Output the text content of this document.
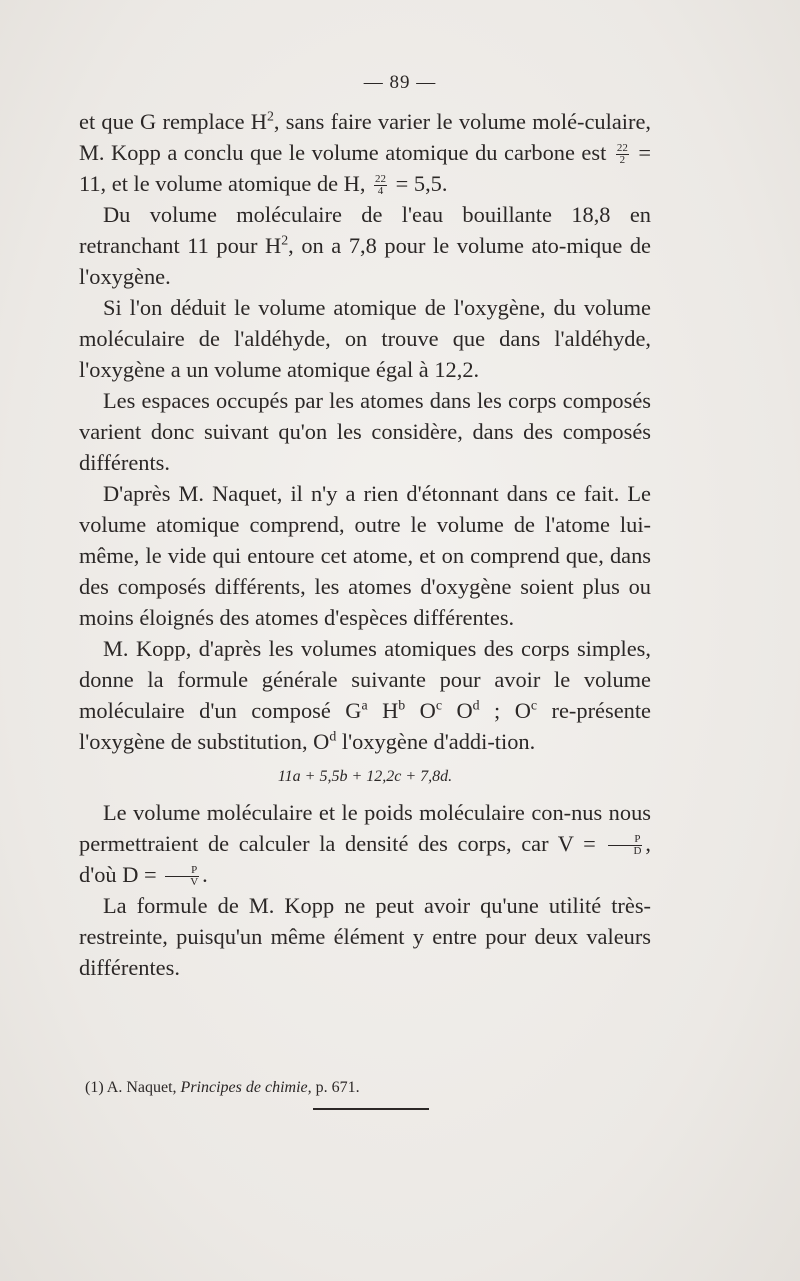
— 89 —

et que G remplace $H^2$, sans faire varier le volume molé-culaire, M. Kopp a conclu que le volume atomique du carbone est $\frac{22}{2} = 11$, et le volume atomique de H, $\frac{22}{4} = 5,5$.

Du volume moléculaire de l'eau bouillante 18,8 en retranchant 11 pour $H^2$, on a 7,8 pour le volume ato-mique de l'oxygène.

Si l'on déduit le volume atomique de l'oxygène, du volume moléculaire de l'aldéhyde, on trouve que dans l'aldéhyde, l'oxygène a un volume atomique égal à 12,2.

Les espaces occupés par les atomes dans les corps composés varient donc suivant qu'on les considère, dans des composés différents.

D'après M. Naquet, il n'y a rien d'étonnant dans ce fait. Le volume atomique comprend, outre le volume de l'atome lui-même, le vide qui entoure cet atome, et on comprend que, dans des composés différents, les atomes d'oxygène soient plus ou moins éloignés des atomes d'espèces différentes.

M. Kopp, d'après les volumes atomiques des corps simples, donne la formule générale suivante pour avoir le volume moléculaire d'un composé $G^a$ $H^b$ $O^c$ $O^d$ ; $O^c$ re-présente l'oxygène de substitution, $O^d$ l'oxygène d'addi-tion.

11a + 5,5b + 12,2c + 7,8d.

Le volume moléculaire et le poids moléculaire con-nus nous permettraient de calculer la densité des corps, car $V = \frac{P}{D}$ , d'où $D = \frac{P}{V}$ .

La formule de M. Kopp ne peut avoir qu'une utilité très-restreinte, puisqu'un même élément y entre pour deux valeurs différentes.

(1) A. Naquet, Principes de chimie, p. 671.
